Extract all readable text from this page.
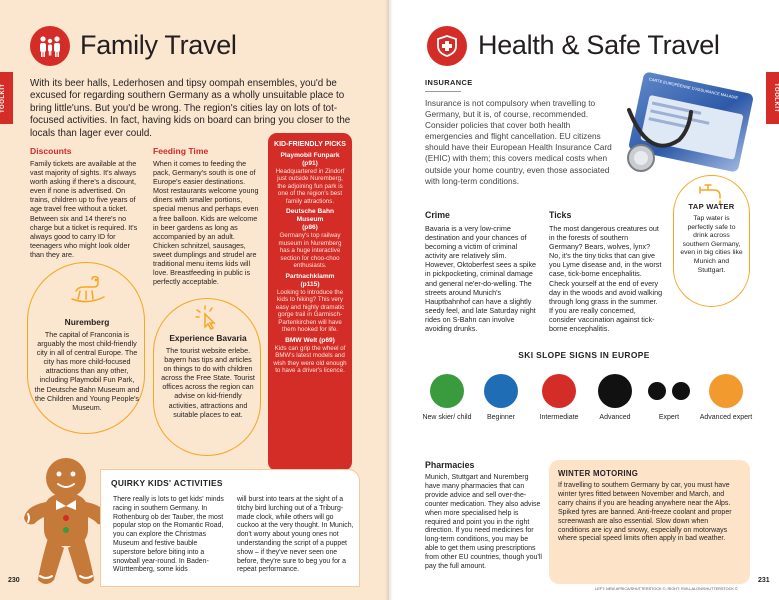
TOOLKIT
Family Travel
With its beer halls, Lederhosen and tipsy oompah ensembles, you'd be excused for regarding southern Germany as a wholly unsuitable place to bring little'uns. But you'd be wrong. The region's cities lay on lots of tot-focused activities. In fact, having kids on board can bring you closer to the locals than lager ever could.
Discounts
Family tickets are available at the vast majority of sights. It's always worth asking if there's a discount, even if none is advertised. On trains, children up to five years of age travel free without a ticket. Between six and 14 there's no charge but a ticket is required. It's always good to carry ID for teenagers who might look older than they are.
Feeding Time
When it comes to feeding the pack, Germany's south is one of Europe's easier destinations. Most restaurants welcome young diners with smaller portions, special menus and perhaps even a free balloon. Kids are welcome in beer gardens as long as accompanied by an adult. Chicken schnitzel, sausages, sweet dumplings and strudel are traditional menu items kids will love. Breastfeeding in public is perfectly acceptable.
Nuremberg
The capital of Franconia is arguably the most child-friendly city in all of central Europe. The city has more child-focused attractions than any other, including Playmobil Fun Park, the Deutsche Bahn Museum and the Children and Young People's Museum.
Experience Bavaria
The tourist website erlebe. bayern has tips and articles on things to do with children across the Free State. Tourist offices across the region can advise on kid-friendly activities, attractions and suitable places to eat.
KID-FRIENDLY PICKS
Playmobil Funpark
(p91)
Headquartered in Zindorf just outside Nuremberg, the adjoining fun park is one of the region's best family attractions.
Deutsche Bahn Museum
(p86)
Germany's top railway museum in Nuremberg has a huge interactive section for choo-choo enthusiasts.
Partnachklamm
(p115)
Looking to introduce the kids to hiking? This very easy and highly dramatic gorge trail in Garmisch-Partenkirchen will have them hooked for life.
BMW Welt (p69)
Kids can grip the wheel of BMW's latest models and wish they were old enough to have a driver's licence.
QUIRKY KIDS' ACTIVITIES
There really is lots to get kids' minds racing in southern Germany. In Rothenburg ob der Tauber, the most popular stop on the Romantic Road, you can explore the Christmas Museum and festive bauble superstore before biting into a snowball year-round. In Baden-Württemberg, some kids
will burst into tears at the sight of a titchy bird lurching out of a Triburg-made clock, while others will go cuckoo at the very thought. In Munich, don't worry about young ones not understanding the script of a puppet show – if they've never seen one before, they're sure to beg you for a repeat performance.
230
TOOLKIT
Health & Safe Travel
INSURANCE
Insurance is not compulsory when travelling to Germany, but it is, of course, recommended. Consider policies that cover both health emergencies and flight cancellation. EU citizens should have their European Health Insurance Card (EHIC) with them; this covers medical costs when outside your home country, even those associated with long-term conditions.
CARTE EUROPÉENNE D'ASSURANCE MALADIE
Crime
Bavaria is a very low-crime destination and your chances of becoming a victim of criminal activity are relatively slim. However, Oktoberfest sees a spike in pickpocketing, criminal damage and general ne'er-do-welling. The streets around Munich's Hauptbahnhof can have a slightly seedy feel, and late Saturday night rides on S-Bahn can involve avoiding drunks.
Ticks
The most dangerous creatures out in the forests of southern Germany? Bears, wolves, lynx? No, it's the tiny ticks that can give you Lyme disease and, in the worst case, tick-borne encephalitis. Check yourself at the end of every day in the woods and avoid walking through long grass in the summer. If you are really concerned, consider vaccination against tick-borne encephalitis.
TAP WATER
Tap water is perfectly safe to drink across southern Germany, even in big cities like Munich and Stuttgart.
SKI SLOPE SIGNS IN EUROPE
New skier/ child	Beginner	Intermediate	Advanced	Expert	Advanced expert
Pharmacies
Munich, Stuttgart and Nuremberg have many pharmacies that can provide advice and sell over-the-counter medication. They also advise when more specialised help is required and point you in the right direction. If you need medicines for long-term conditions, you may be able to get them using prescriptions from other EU countries, though you'll pay the full amount.
WINTER MOTORING
If travelling to southern Germany by car, you must have winter tyres fitted between November and March, and carry chains if you are heading anywhere near the Alps. Spiked tyres are banned. Anti-freeze coolant and proper screenwash are also essential. Slow down when conditions are icy and snowy, especially on motorways where special speed limits often apply in bad weather.
LEFT: NEW AFRICA/SHUTTERSTOCK ©; RIGHT: RVILLALON/SHUTTERSTOCK ©
231
